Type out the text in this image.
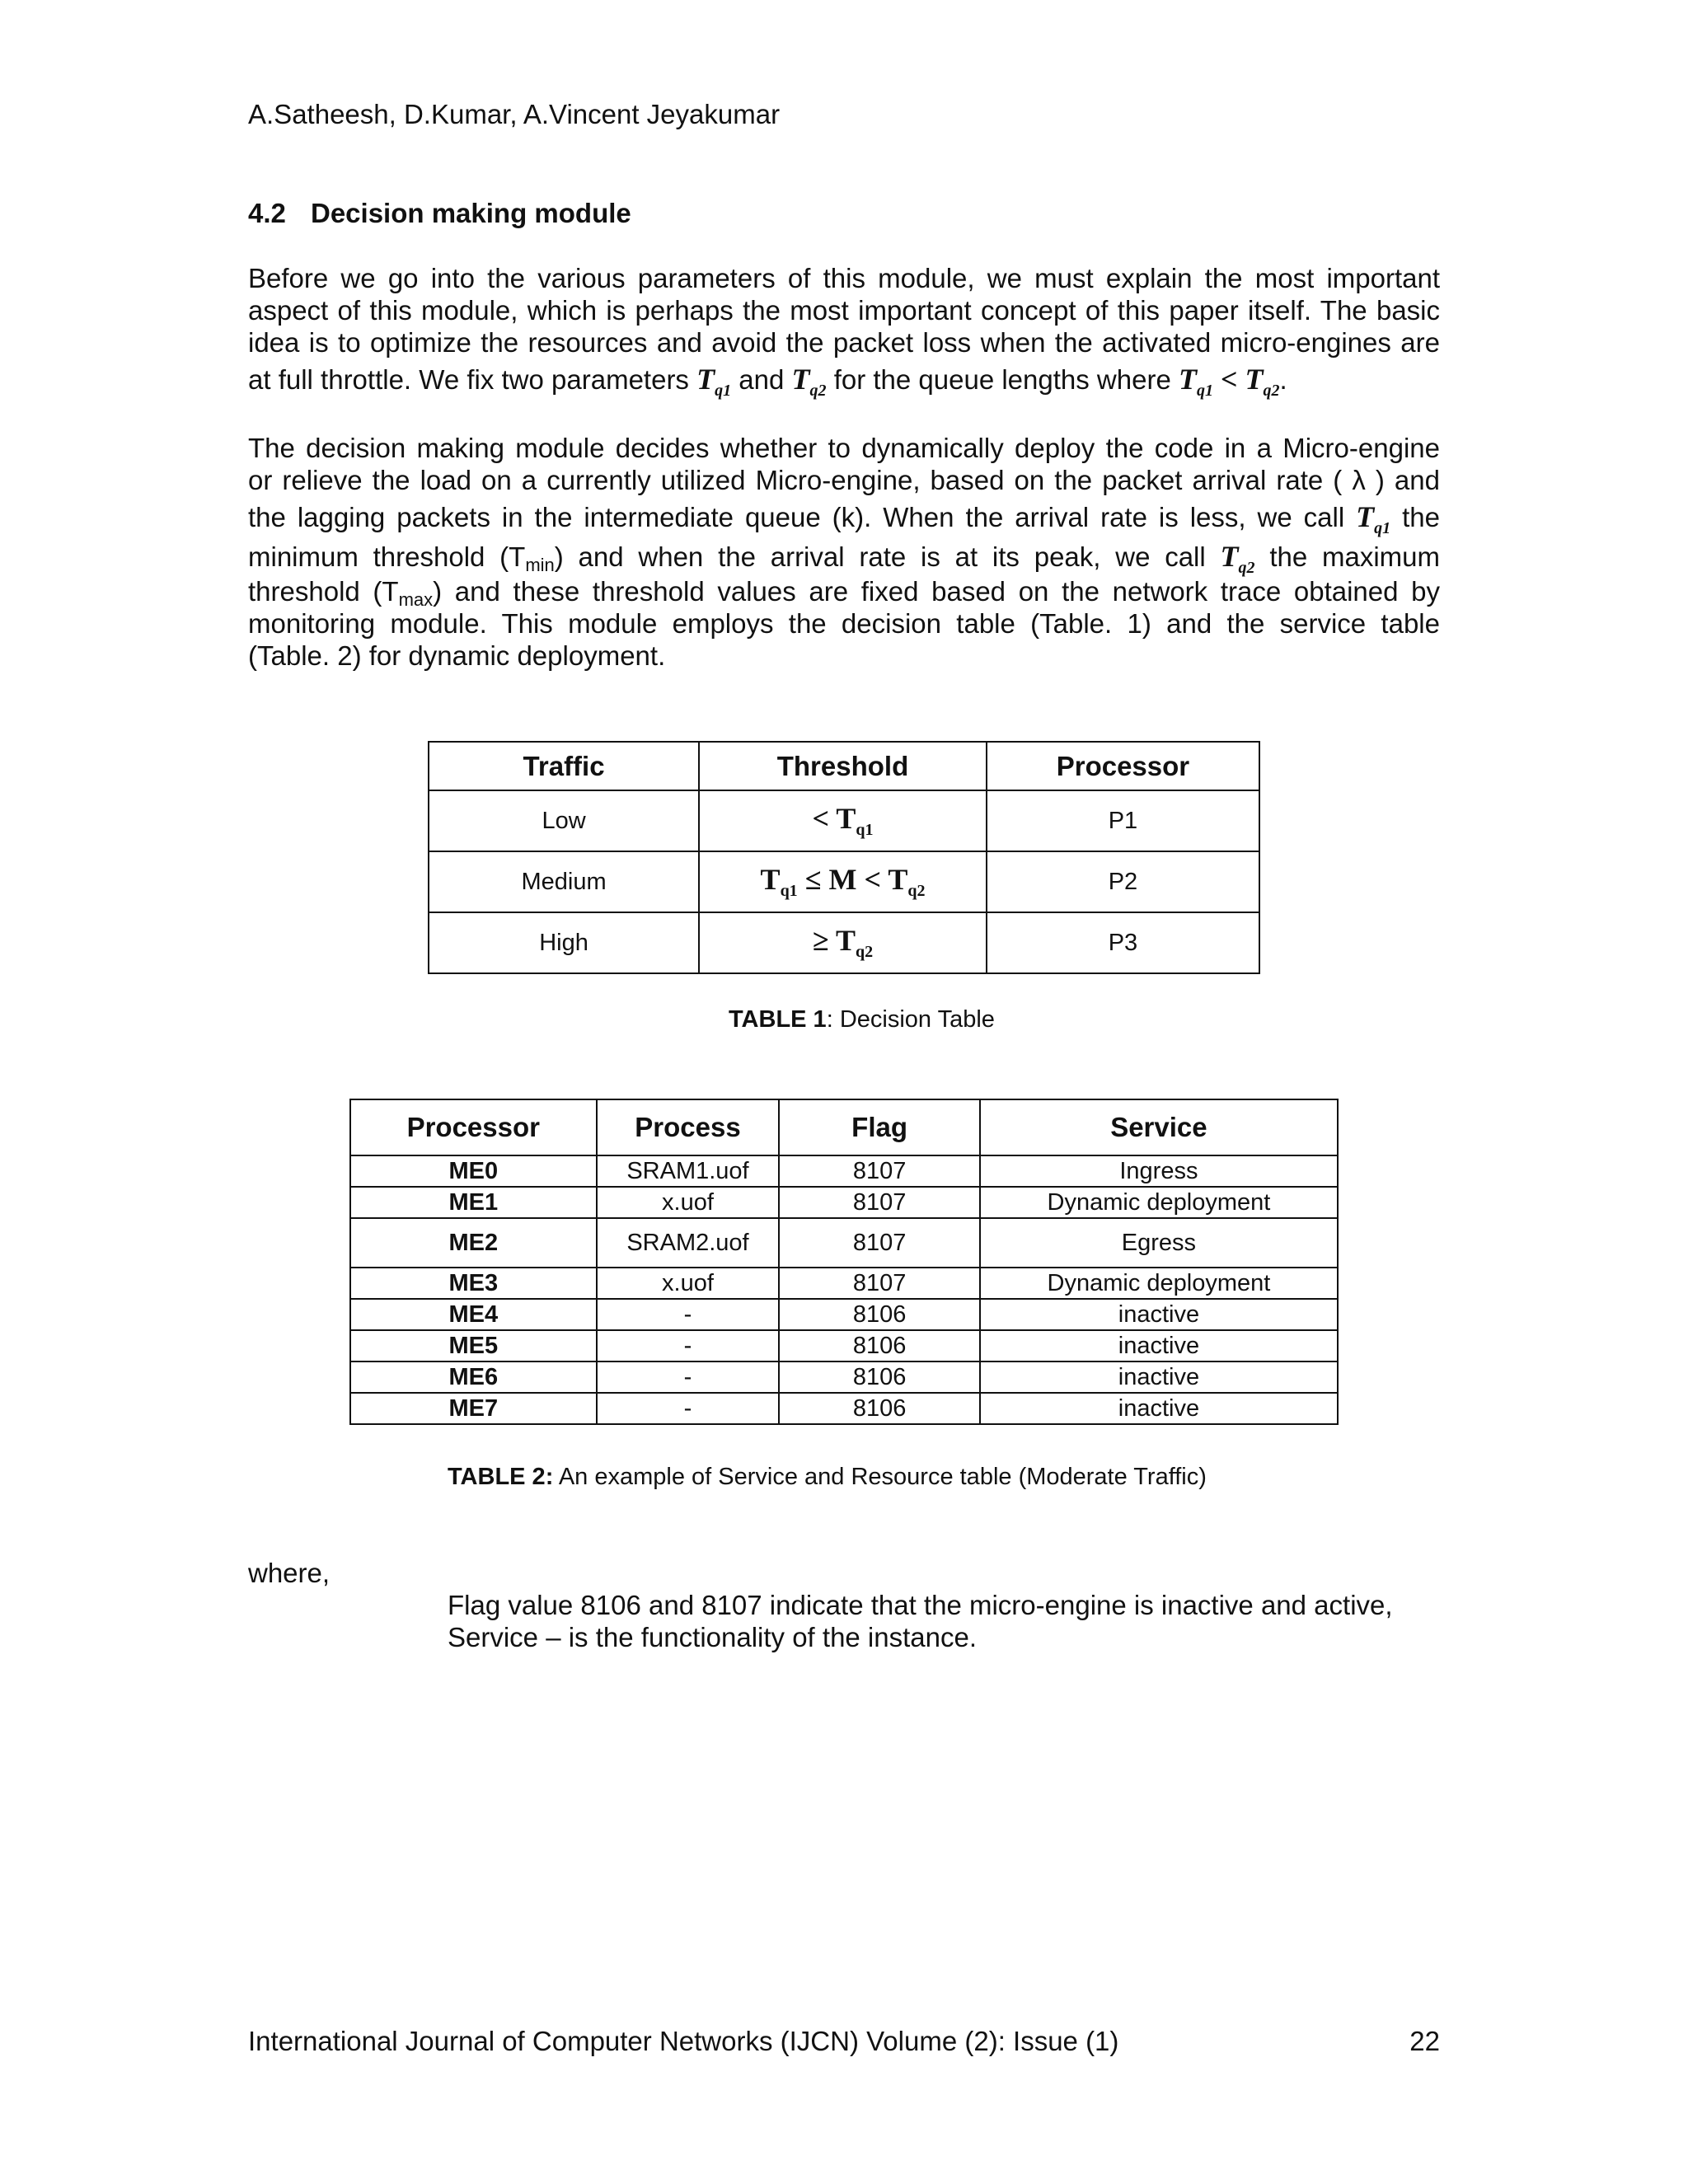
A.Satheesh, D.Kumar, A.Vincent Jeyakumar
4.2 Decision making module
Before we go into the various parameters of this module, we must explain the most important
aspect of this module, which is perhaps the most important concept of this paper itself. The basic
idea is to optimize the resources and avoid the packet loss when the activated micro-engines are
at full throttle. We fix two parameters $T_{q1}$ and $T_{q2}$ for the queue lengths where $T_{q1} < T_{q2}$.
The decision making module decides whether to dynamically deploy the code in a Micro-engine
or relieve the load on a currently utilized Micro-engine, based on the packet arrival rate ( λ ) and
the lagging packets in the intermediate queue (k). When the arrival rate is less, we call $T_{q1}$ the
minimum threshold (Tmin) and when the arrival rate is at its peak, we call $T_{q2}$ the maximum
threshold (Tmax) and these threshold values are fixed based on the network trace obtained by
monitoring module. This module employs the decision table (Table. 1) and the service table
(Table. 2) for dynamic deployment.
Traffic	Threshold	Processor
Low	< $T_{q1}$	P1
Medium	$T_{q1} \le M < T_{q2}$	P2
High	≥ $T_{q2}$	P3
TABLE 1: Decision Table
Processor	Process	Flag	Service
ME0	SRAM1.uof	8107	Ingress
ME1	x.uof	8107	Dynamic deployment
ME2	SRAM2.uof	8107	Egress
ME3	x.uof	8107	Dynamic deployment
ME4	-	8106	inactive
ME5	-	8106	inactive
ME6	-	8106	inactive
ME7	-	8106	inactive
TABLE 2: An example of Service and Resource table (Moderate Traffic)
where,
Flag value 8106 and 8107 indicate that the micro-engine is inactive and active,
Service – is the functionality of the instance.
International Journal of Computer Networks (IJCN) Volume (2): Issue (1)	22
